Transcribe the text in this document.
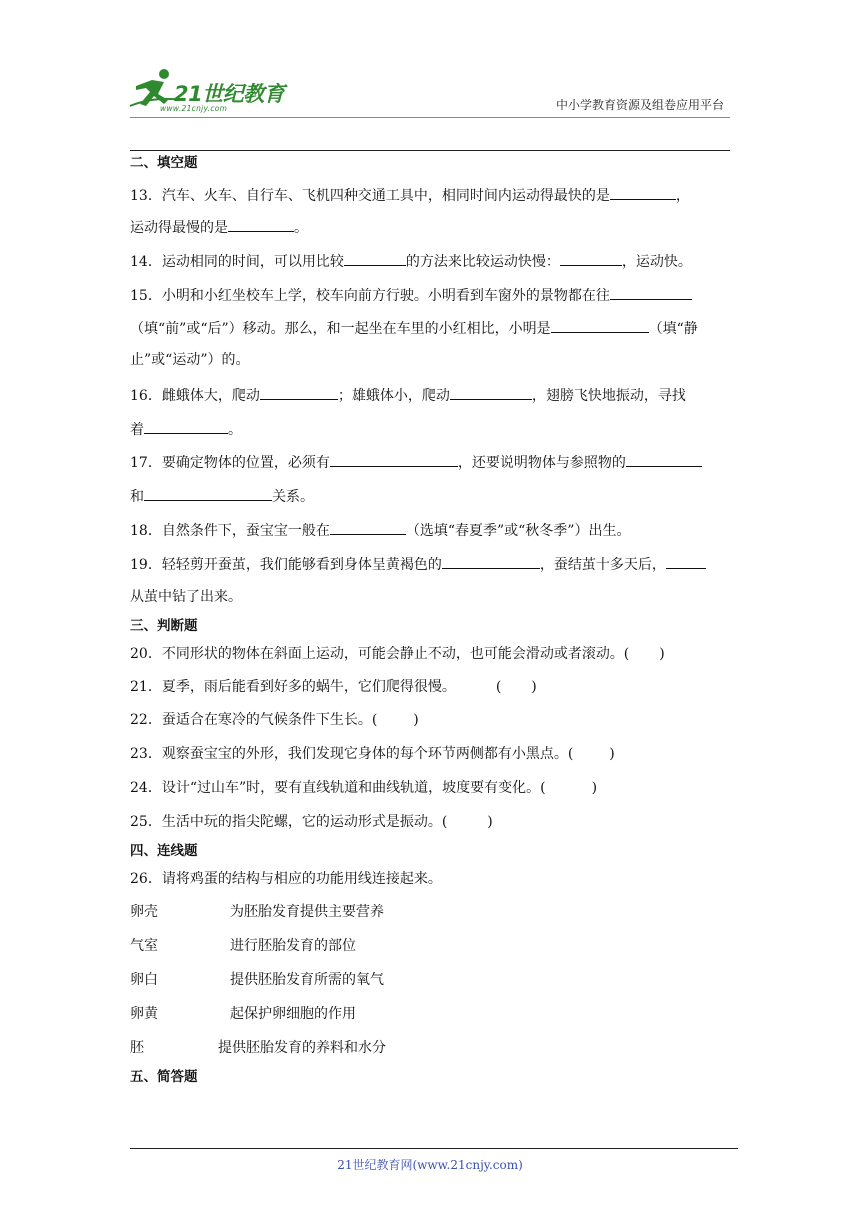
21世纪教育
www.21cnjy.com	中小学教育资源及组卷应用平台
二、填空题
13．汽车、火车、自行车、飞机四种交通工具中，相同时间内运动得最快的是	，
运动得最慢的是	。
14．运动相同的时间，可以用比较	的方法来比较运动快慢：	，运动快。
15．小明和小红坐校车上学，校车向前方行驶。小明看到车窗外的景物都在往
（填“前”或“后”）移动。那么，和一起坐在车里的小红相比，小明是	（填“静
止”或“运动”）的。
16．雌蛾体大，爬动	；雄蛾体小，爬动	，翅膀飞快地振动，寻找
着	。
17．要确定物体的位置，必须有	，还要说明物体与参照物的
和	关系。
18．自然条件下，蚕宝宝一般在	（选填“春夏季”或“秋冬季”）出生。
19．轻轻剪开蚕茧，我们能够看到身体呈黄褐色的	，蚕结茧十多天后，
从茧中钻了出来。
三、判断题
20．不同形状的物体在斜面上运动，可能会静止不动，也可能会滑动或者滚动。( )
21．夏季，雨后能看到好多的蜗牛，它们爬得很慢。	( )
22．蚕适合在寒冷的气候条件下生长。(	)
23．观察蚕宝宝的外形，我们发现它身体的每个环节两侧都有小黑点。(	)
24．设计“过山车”时，要有直线轨道和曲线轨道，坡度要有变化。(	)
25．生活中玩的指尖陀螺，它的运动形式是振动。(	)
四、连线题
26．请将鸡蛋的结构与相应的功能用线连接起来。
卵壳	为胚胎发育提供主要营养
气室	进行胚胎发育的部位
卵白	提供胚胎发育所需的氧气
卵黄	起保护卵细胞的作用
胚	提供胚胎发育的养料和水分
五、简答题
21世纪教育网(www.21cnjy.com)
